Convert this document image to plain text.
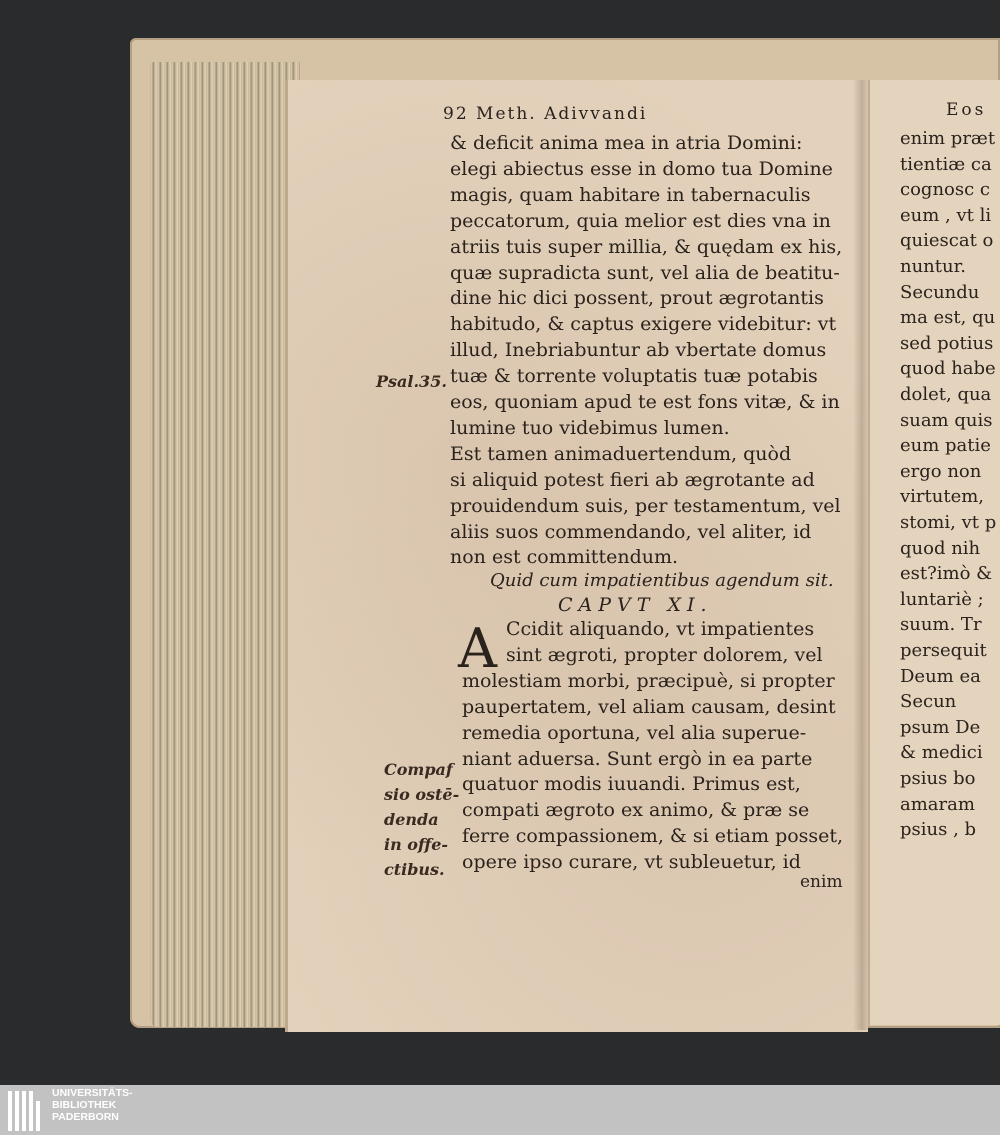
92 Meth. Adivvandi
& deficit anima mea in atria Domini:
elegi abiectus esse in domo tua Domine
magis, quam habitare in tabernaculis
peccatorum, quia melior est dies vna in
atriis tuis super millia, & quędam ex his,
quæ supradicta sunt, vel alia de beatitu-
dine hic dici possent, prout ægrotantis
habitudo, & captus exigere videbitur: vt
illud, Inebriabuntur ab vbertate domus
tuæ & torrente voluptatis tuæ potabis
eos, quoniam apud te est fons vitæ, & in
lumine tuo videbimus lumen.
Est tamen animaduertendum, quòd
si aliquid potest fieri ab ægrotante ad
prouidendum suis, per testamentum, vel
aliis suos commendando, vel aliter, id
non est committendum.
Psal.35.
Quid cum impatientibus agendum sit.
CAPVT XI.
A Ccidit aliquando, vt impatientes
sint ægroti, propter dolorem, vel
molestiam morbi, præcipuè, si propter
paupertatem, vel aliam causam, desint
remedia oportuna, vel alia superue-
niant aduersa. Sunt ergò in ea parte
quatuor modis iuuandi. Primus est,
compati ægroto ex animo, & præ se
ferre compassionem, & si etiam posset,
opere ipso curare, vt subleuetur, id
Compaf
sio ostē-
denda
in offe-
ctibus.
enim
Eos
enim præt
tientiæ ca
cognosc c
eum , vt li
quiescat o
nuntur.
Secundu
ma est, qu
sed potius
quod habe
dolet, qua
suam quis
eum patie
ergo non
virtutem,
stomi, vt p
quod nih
est?imò &
luntariè ;
suum. Tr
persequit
Deum ea
Secun
psum De
& medici
psius bo
amaram
psius , b
UNIVERSITÄTS-
BIBLIOTHEK
PADERBORN
